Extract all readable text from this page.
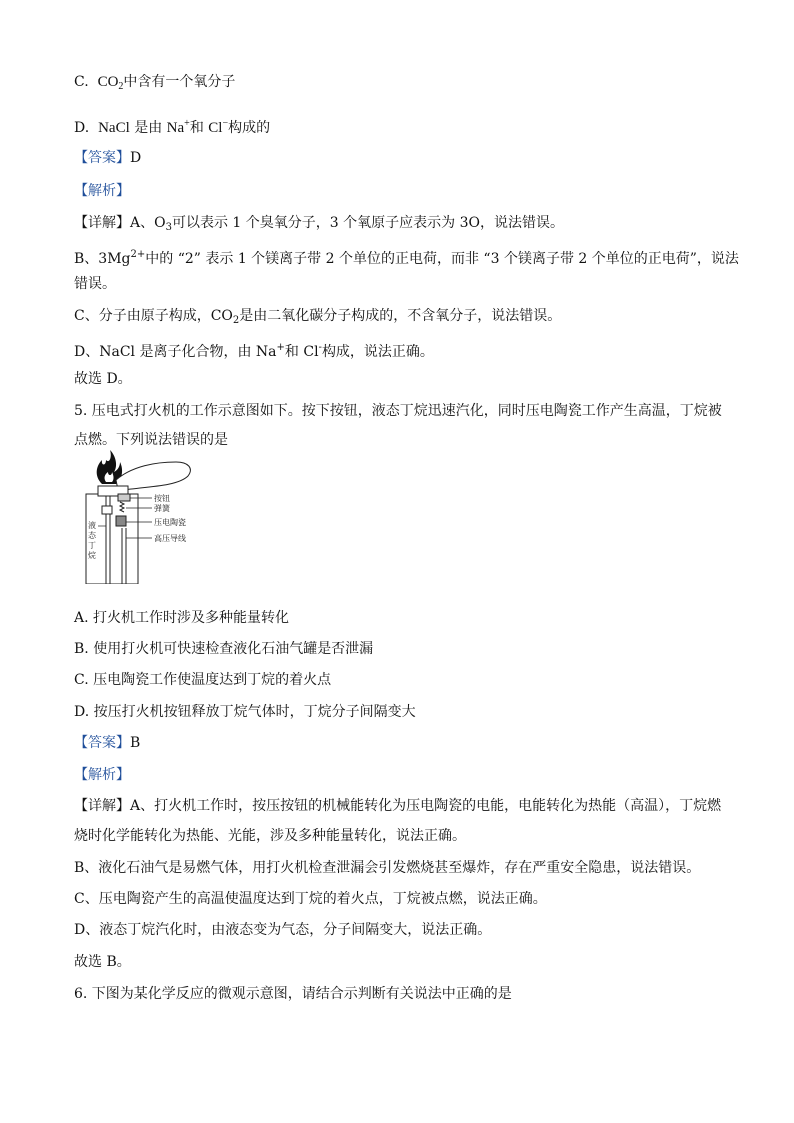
C. $CO_2$中含有一个氧分子
D. NaCl 是由 Na+和 Cl−构成的
【答案】D
【解析】
【详解】A、$O_3$可以表示 1 个臭氧分子，3 个氧原子应表示为 3O，说法错误。
B、$3Mg^{2+}$中的 “2” 表示 1 个镁离子带 2 个单位的正电荷，而非 “3 个镁离子带 2 个单位的正电荷”，说法
错误。
C、分子由原子构成，$CO_2$是由二氧化碳分子构成的，不含氧分子，说法错误。
D、NaCl 是离子化合物，由 Na+和 Cl-构成，说法正确。
故选 D。
5. 压电式打火机的工作示意图如下。按下按钮，液态丁烷迅速汽化，同时压电陶瓷工作产生高温，丁烷被
点燃。下列说法错误的是
按钮
弹簧
压电陶瓷
高压导线
液
态
丁
烷
A. 打火机工作时涉及多种能量转化
B. 使用打火机可快速检查液化石油气罐是否泄漏
C. 压电陶瓷工作使温度达到丁烷的着火点
D. 按压打火机按钮释放丁烷气体时，丁烷分子间隔变大
【答案】B
【解析】
【详解】A、打火机工作时，按压按钮的机械能转化为压电陶瓷的电能，电能转化为热能（高温），丁烷燃
烧时化学能转化为热能、光能，涉及多种能量转化，说法正确。
B、液化石油气是易燃气体，用打火机检查泄漏会引发燃烧甚至爆炸，存在严重安全隐患，说法错误。
C、压电陶瓷产生的高温使温度达到丁烷的着火点，丁烷被点燃，说法正确。
D、液态丁烷汽化时，由液态变为气态，分子间隔变大，说法正确。
故选 B。
6. 下图为某化学反应的微观示意图，请结合示判断有关说法中正确的是
